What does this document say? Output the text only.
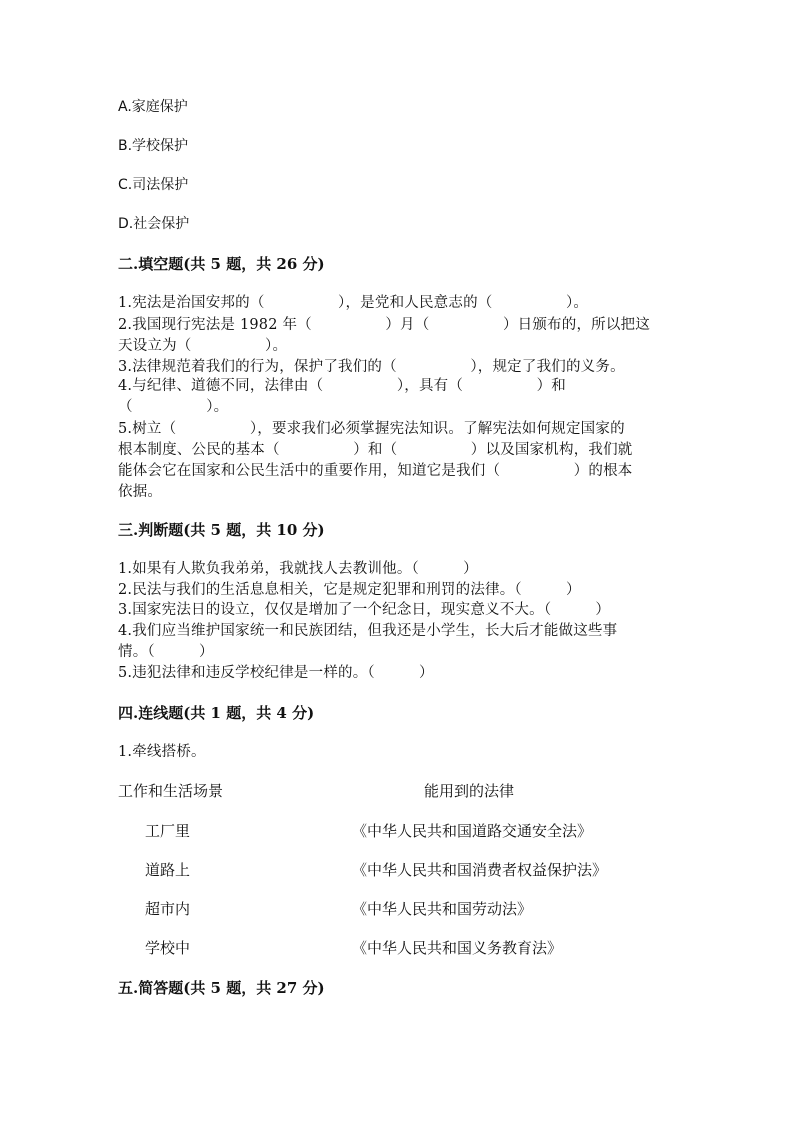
A.家庭保护
B.学校保护
C.司法保护
D.社会保护
二.填空题(共 5 题，共 26 分)
1.宪法是治国安邦的（　　　　　），是党和人民意志的（　　　　　）。
2.我国现行宪法是 1982 年（　　　　　）月（　　　　　）日颁布的，所以把这
天设立为（　　　　　）。
3.法律规范着我们的行为，保护了我们的（　　　　　），规定了我们的义务。
4.与纪律、道德不同，法律由（　　　　　），具有（　　　　　）和
（　　　　　）。
5.树立（　　　　　），要求我们必须掌握宪法知识。了解宪法如何规定国家的
根本制度、公民的基本（　　　　　）和（　　　　　）以及国家机构，我们就
能体会它在国家和公民生活中的重要作用，知道它是我们（　　　　　）的根本
依据。
三.判断题(共 5 题，共 10 分)
1.如果有人欺负我弟弟，我就找人去教训他。（　　　）
2.民法与我们的生活息息相关，它是规定犯罪和刑罚的法律。（　　　）
3.国家宪法日的设立，仅仅是增加了一个纪念日，现实意义不大。（　　　）
4.我们应当维护国家统一和民族团结，但我还是小学生，长大后才能做这些事
情。（　　　）
5.违犯法律和违反学校纪律是一样的。（　　　）
四.连线题(共 1 题，共 4 分)
1.牵线搭桥。
工作和生活场景	能用到的法律
工厂里	《中华人民共和国道路交通安全法》
道路上	《中华人民共和国消费者权益保护法》
超市内	《中华人民共和国劳动法》
学校中	《中华人民共和国义务教育法》
五.简答题(共 5 题，共 27 分)
